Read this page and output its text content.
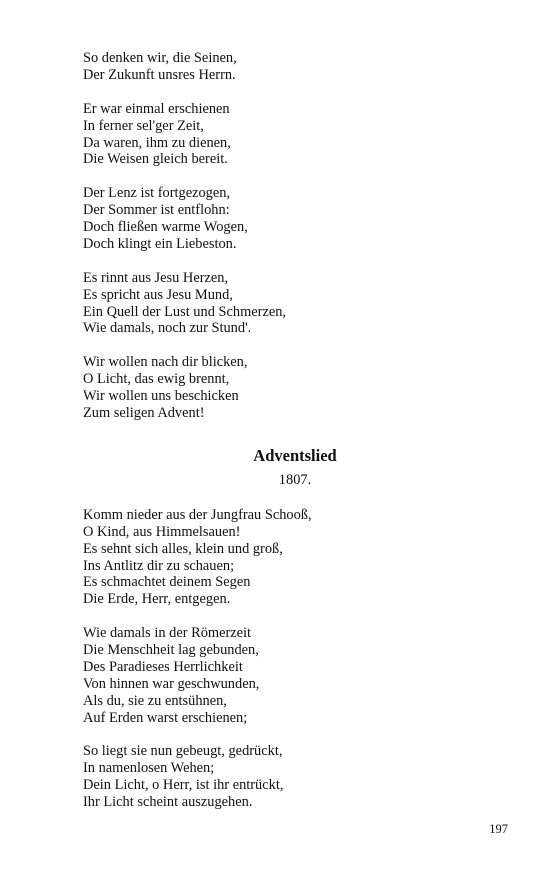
So denken wir, die Seinen,
Der Zukunft unsres Herrn.
Er war einmal erschienen
In ferner sel'ger Zeit,
Da waren, ihm zu dienen,
Die Weisen gleich bereit.
Der Lenz ist fortgezogen,
Der Sommer ist entflohn:
Doch fließen warme Wogen,
Doch klingt ein Liebeston.
Es rinnt aus Jesu Herzen,
Es spricht aus Jesu Mund,
Ein Quell der Lust und Schmerzen,
Wie damals, noch zur Stund'.
Wir wollen nach dir blicken,
O Licht, das ewig brennt,
Wir wollen uns beschicken
Zum seligen Advent!
Adventslied
1807.
Komm nieder aus der Jungfrau Schooß,
O Kind, aus Himmelsauen!
Es sehnt sich alles, klein und groß,
Ins Antlitz dir zu schauen;
Es schmachtet deinem Segen
Die Erde, Herr, entgegen.
Wie damals in der Römerzeit
Die Menschheit lag gebunden,
Des Paradieses Herrlichkeit
Von hinnen war geschwunden,
Als du, sie zu entsühnen,
Auf Erden warst erschienen;
So liegt sie nun gebeugt, gedrückt,
In namenlosen Wehen;
Dein Licht, o Herr, ist ihr entrückt,
Ihr Licht scheint auszugehen.
197
